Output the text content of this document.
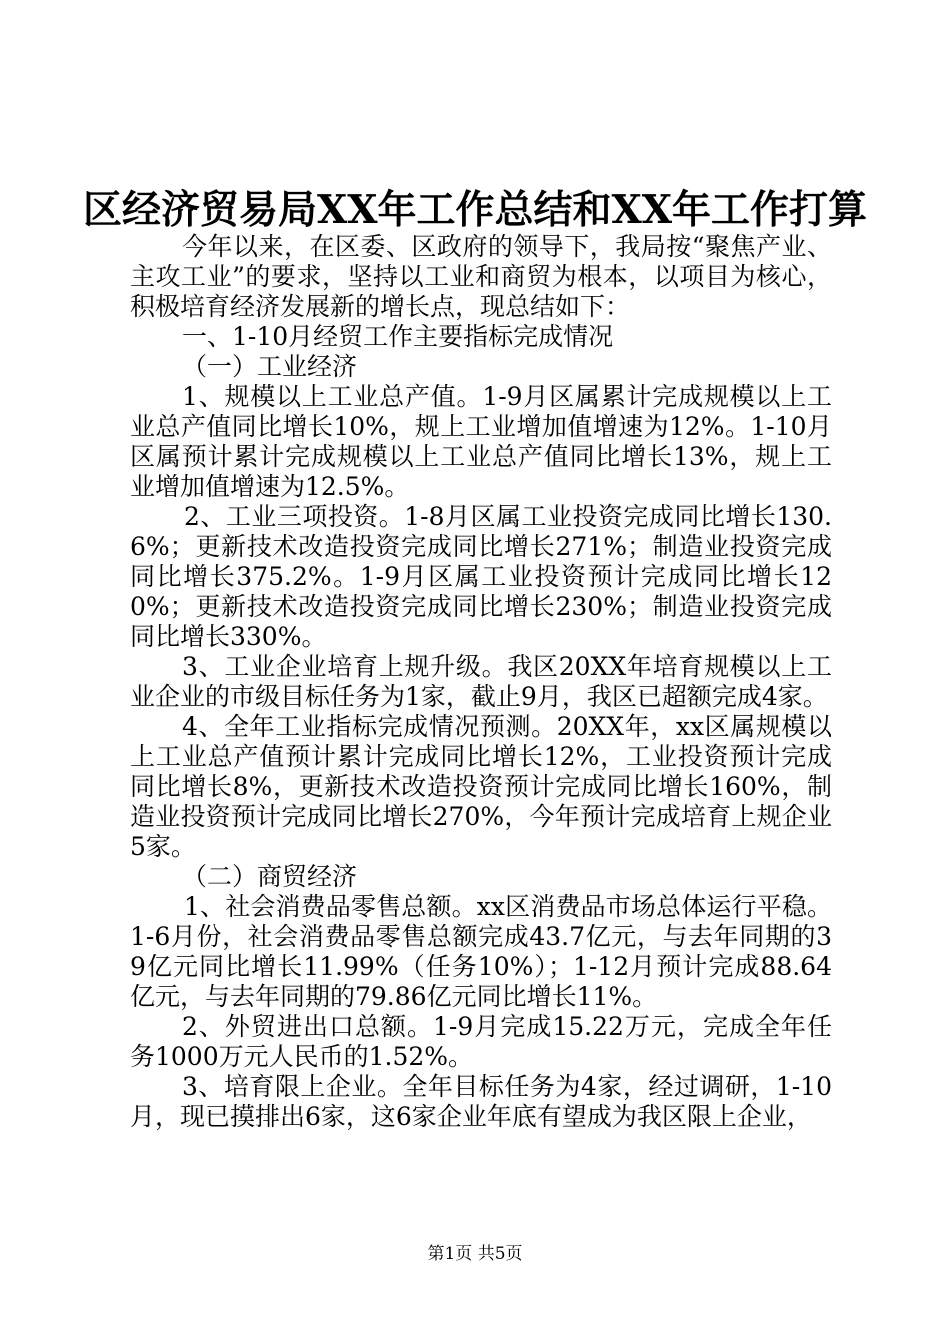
区经济贸易局XX年工作总结和XX年工作打算

今年以来，在区委、区政府的领导下，我局按“聚焦产业、主攻工业”的要求，坚持以工业和商贸为根本，以项目为核心，积极培育经济发展新的增长点，现总结如下：

一、1-10月经贸工作主要指标完成情况

（一）工业经济

1、规模以上工业总产值。1-9月区属累计完成规模以上工业总产值同比增长10%，规上工业增加值增速为12%。1-10月区属预计累计完成规模以上工业总产值同比增长13%，规上工业增加值增速为12.5%。

2、工业三项投资。1-8月区属工业投资完成同比增长130.6%；更新技术改造投资完成同比增长271%；制造业投资完成同比增长375.2%。1-9月区属工业投资预计完成同比增长120%；更新技术改造投资完成同比增长230%；制造业投资完成同比增长330%。

3、工业企业培育上规升级。我区20XX年培育规模以上工业企业的市级目标任务为1家，截止9月，我区已超额完成4家。

4、全年工业指标完成情况预测。20XX年，xx区属规模以上工业总产值预计累计完成同比增长12%，工业投资预计完成同比增长8%，更新技术改造投资预计完成同比增长160%，制造业投资预计完成同比增长270%，今年预计完成培育上规企业5家。

（二）商贸经济

1、社会消费品零售总额。xx区消费品市场总体运行平稳。1-6月份，社会消费品零售总额完成43.7亿元，与去年同期的39亿元同比增长11.99%（任务10%）；1-12月预计完成88.64亿元，与去年同期的79.86亿元同比增长11%。

2、外贸进出口总额。1-9月完成15.22万元，完成全年任务1000万元人民币的1.52%。

3、培育限上企业。全年目标任务为4家，经过调研，1-10月，现已摸排出6家，这6家企业年底有望成为我区限上企业，

第1页 共5页
